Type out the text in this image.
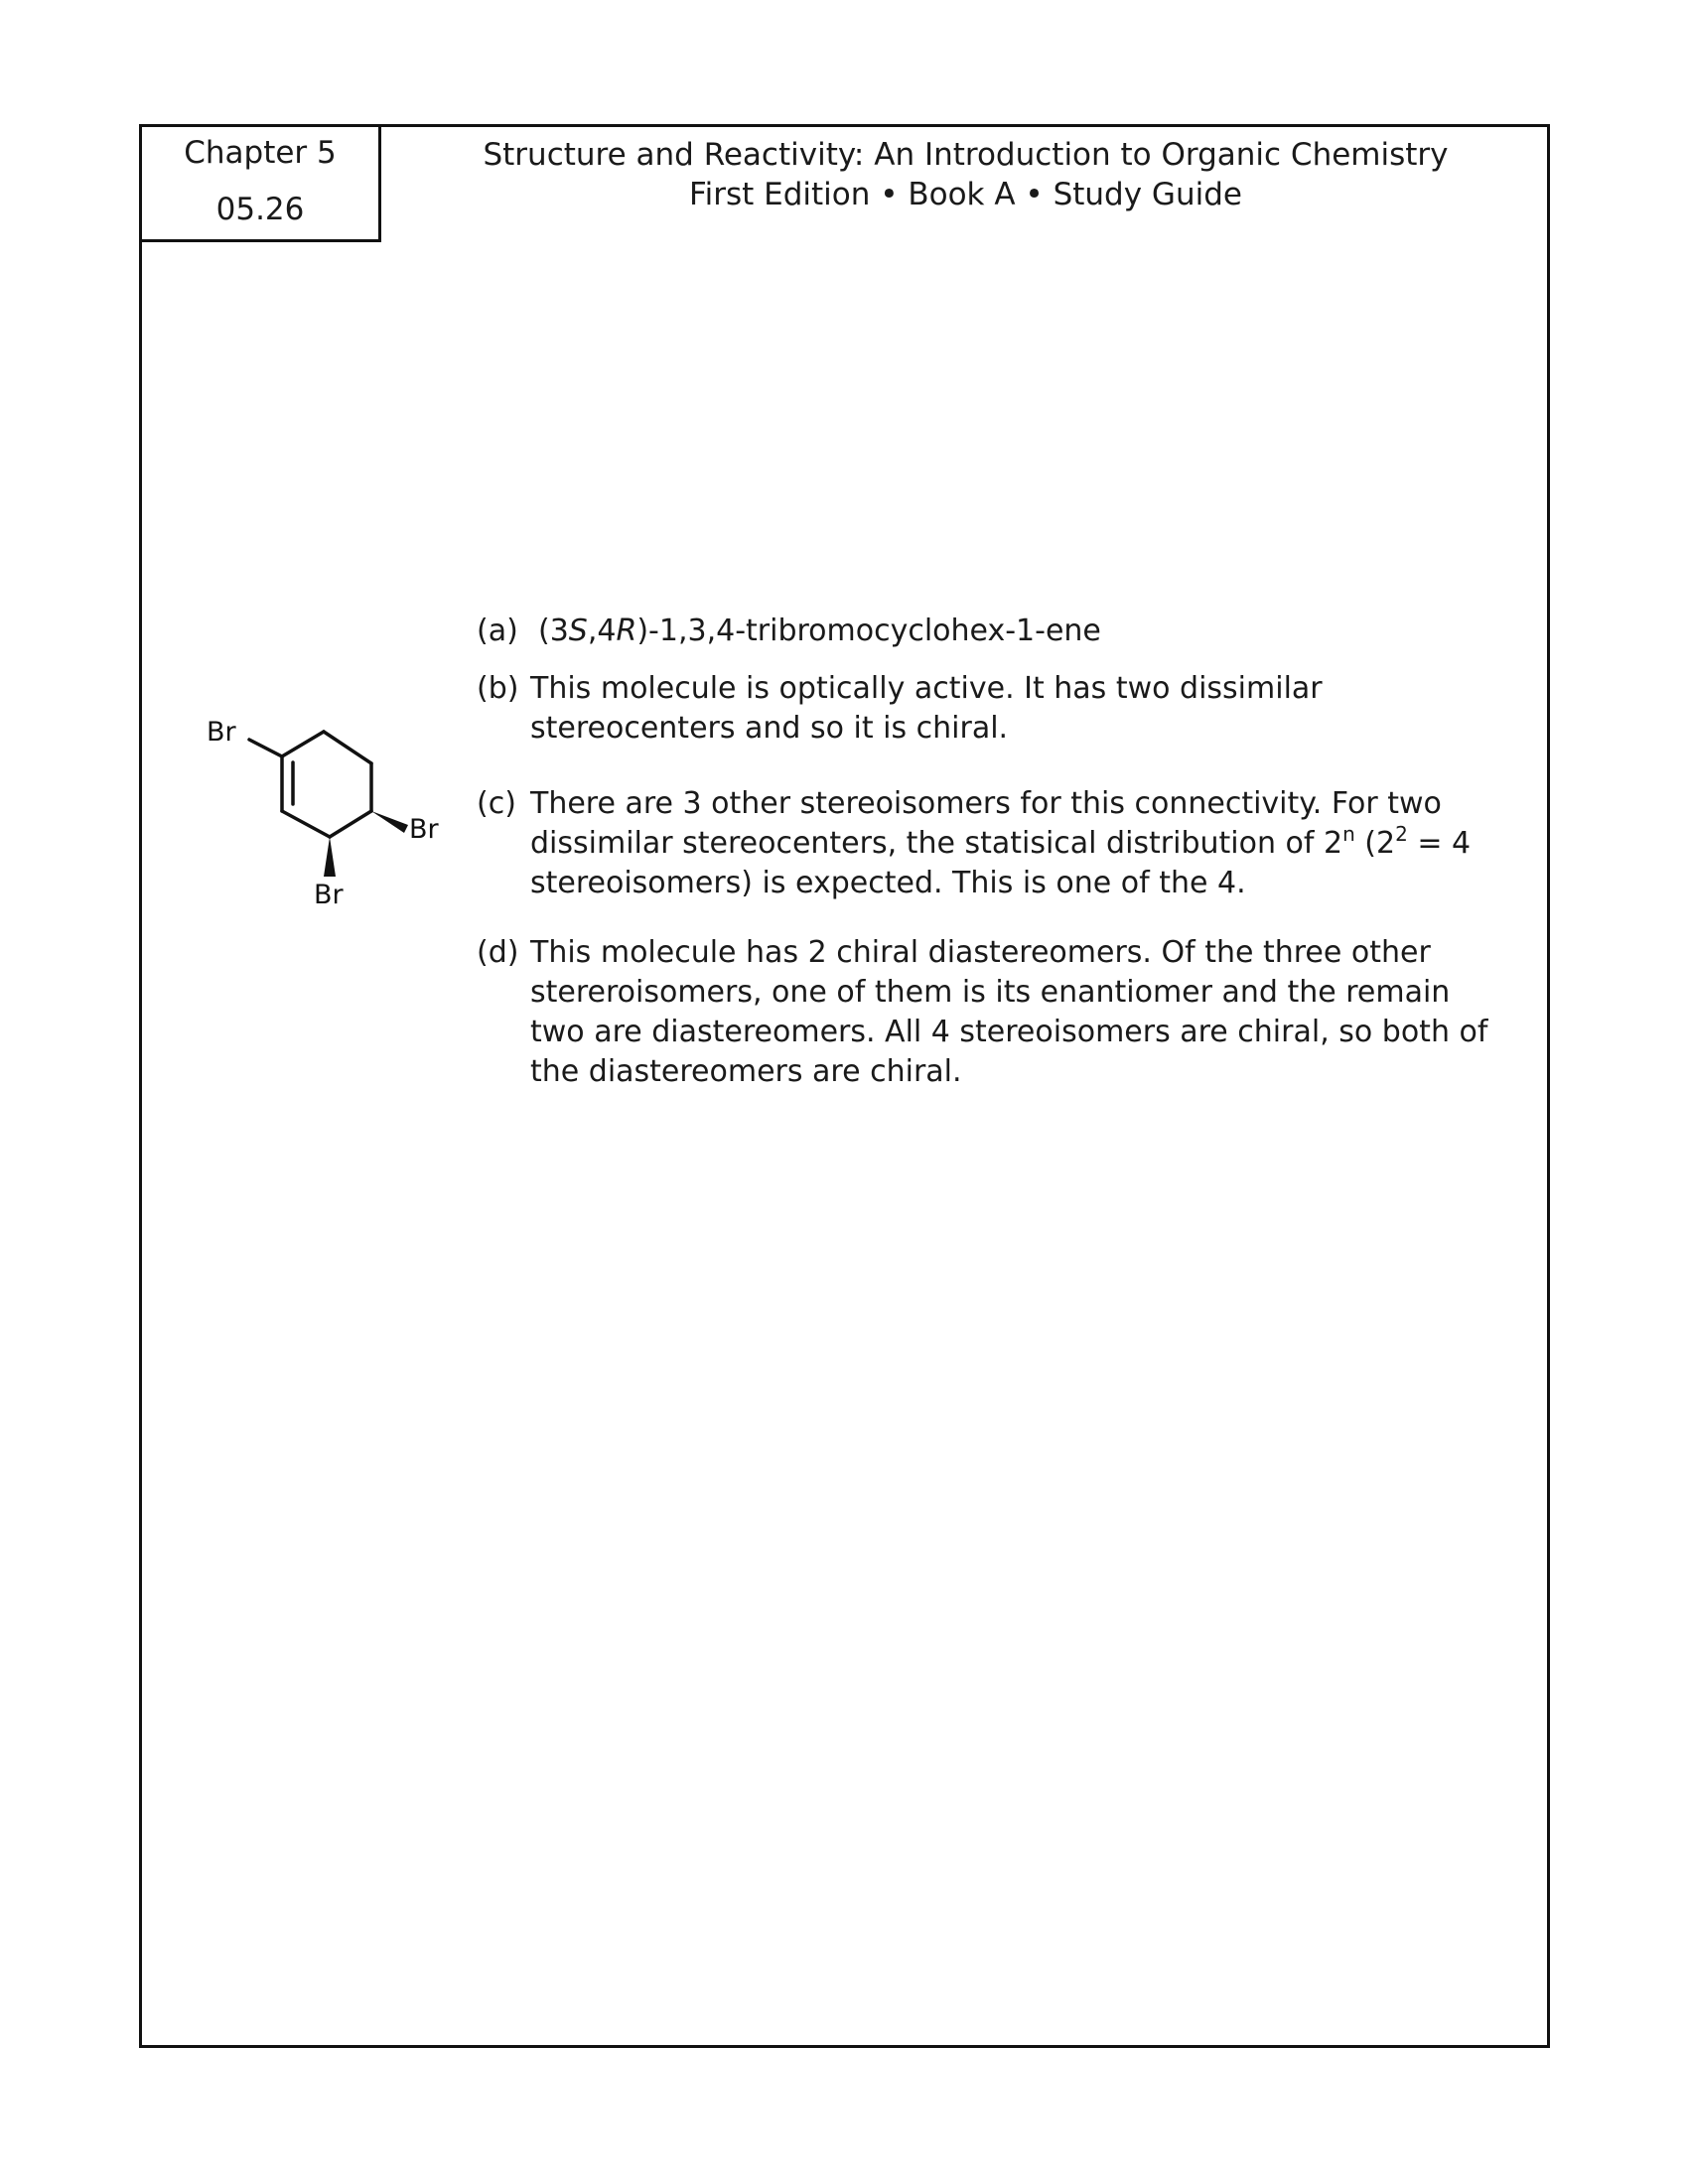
Chapter 5
05.26
Structure and Reactivity: An Introduction to Organic Chemistry
First Edition • Book A • Study Guide
Br
Br
Br
(a) (3S,4R)-1,3,4-tribromocyclohex-1-ene
(b) This molecule is optically active. It has two dissimilar stereocenters and so it is chiral.
(c) There are 3 other stereoisomers for this connectivity. For two dissimilar stereocenters, the statisical distribution of 2$^n$ ($2^2 = 4$ stereoisomers) is expected. This is one of the 4.
(d) This molecule has 2 chiral diastereomers. Of the three other stereroisomers, one of them is its enantiomer and the remain two are diastereomers. All 4 stereoisomers are chiral, so both of the diastereomers are chiral.
